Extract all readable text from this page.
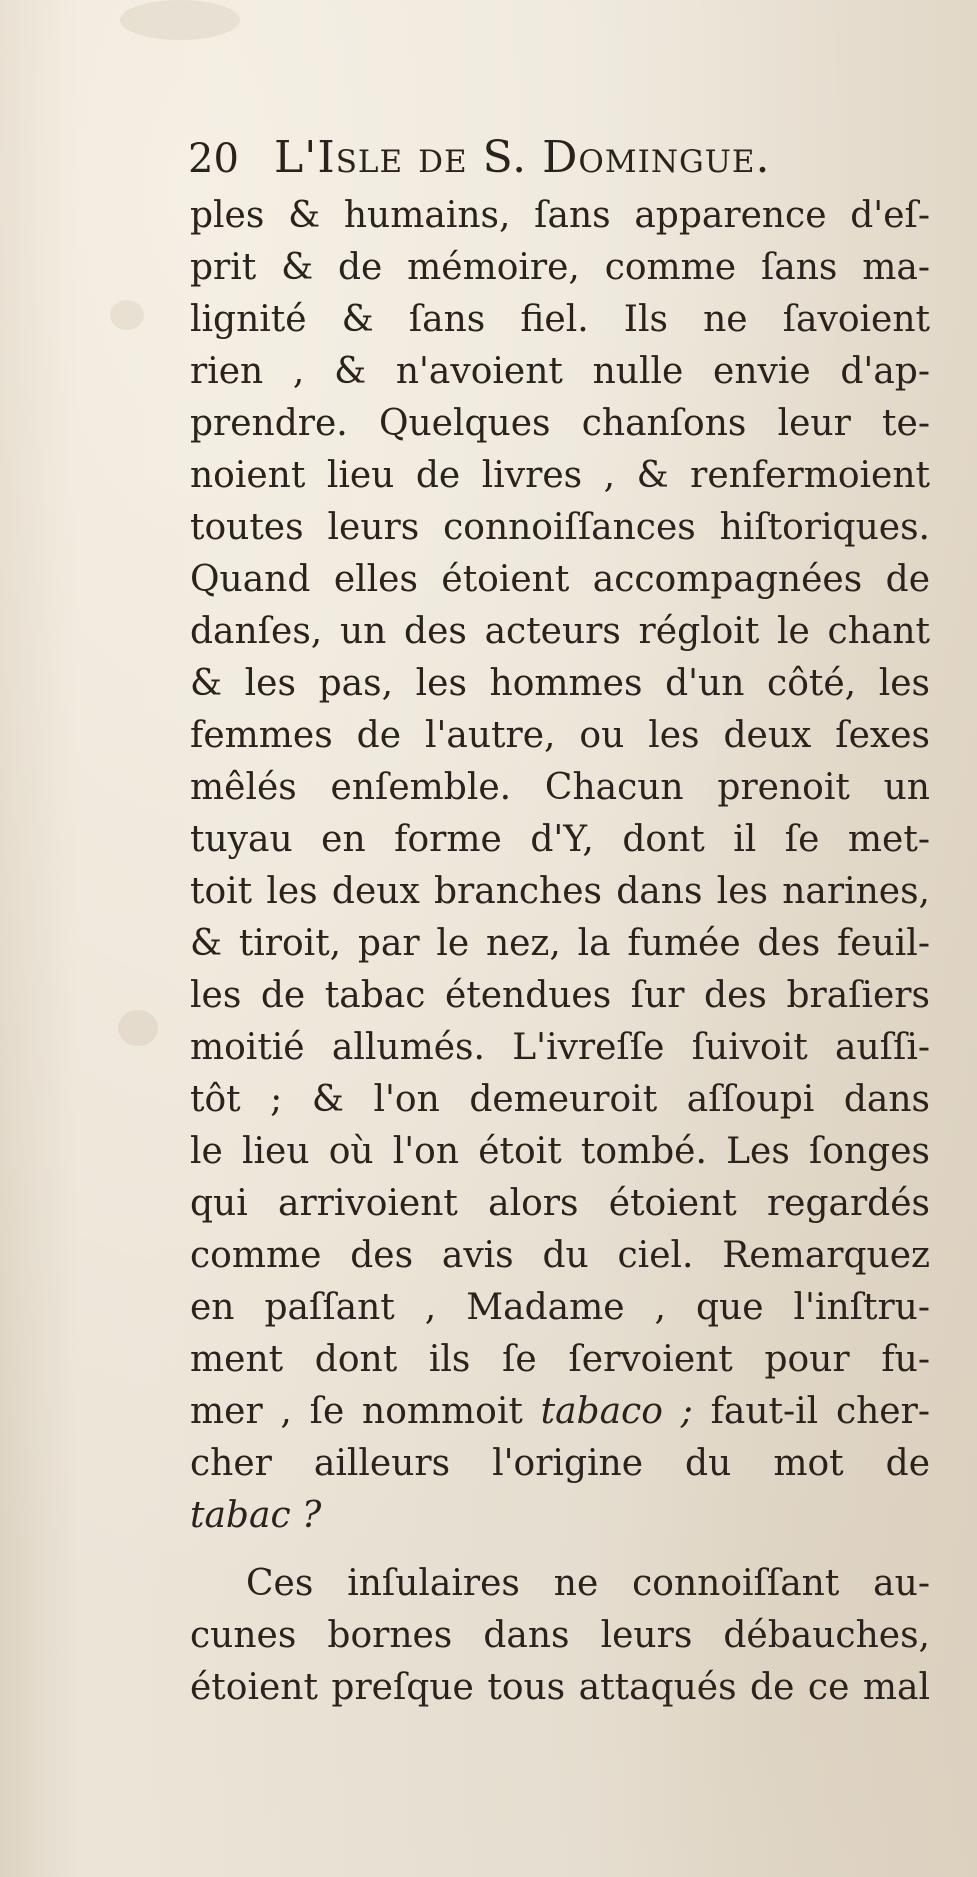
20 L'Isle de S. Domingue.
ples & humains, ſans apparence d'eſ-
prit & de mémoire, comme ſans ma-
lignité & ſans fiel. Ils ne ſavoient
rien , & n'avoient nulle envie d'ap-
prendre. Quelques chanſons leur te-
noient lieu de livres , & renfermoient
toutes leurs connoiſſances hiſtoriques.
Quand elles étoient accompagnées de
danſes, un des acteurs régloit le chant
& les pas, les hommes d'un côté, les
femmes de l'autre, ou les deux ſexes
mêlés enſemble. Chacun prenoit un
tuyau en forme d'Y, dont il ſe met-
toit les deux branches dans les narines,
& tiroit, par le nez, la fumée des feuil-
les de tabac étendues ſur des braſiers
moitié allumés. L'ivreſſe ſuivoit auſſi-
tôt ; & l'on demeuroit aſſoupi dans
le lieu où l'on étoit tombé. Les ſonges
qui arrivoient alors étoient regardés
comme des avis du ciel. Remarquez
en paſſant , Madame , que l'inſtru-
ment dont ils ſe ſervoient pour fu-
mer , ſe nommoit tabaco ; faut-il cher-
cher ailleurs l'origine du mot de
tabac ?
Ces inſulaires ne connoiſſant au-
cunes bornes dans leurs débauches,
étoient preſque tous attaqués de ce mal
